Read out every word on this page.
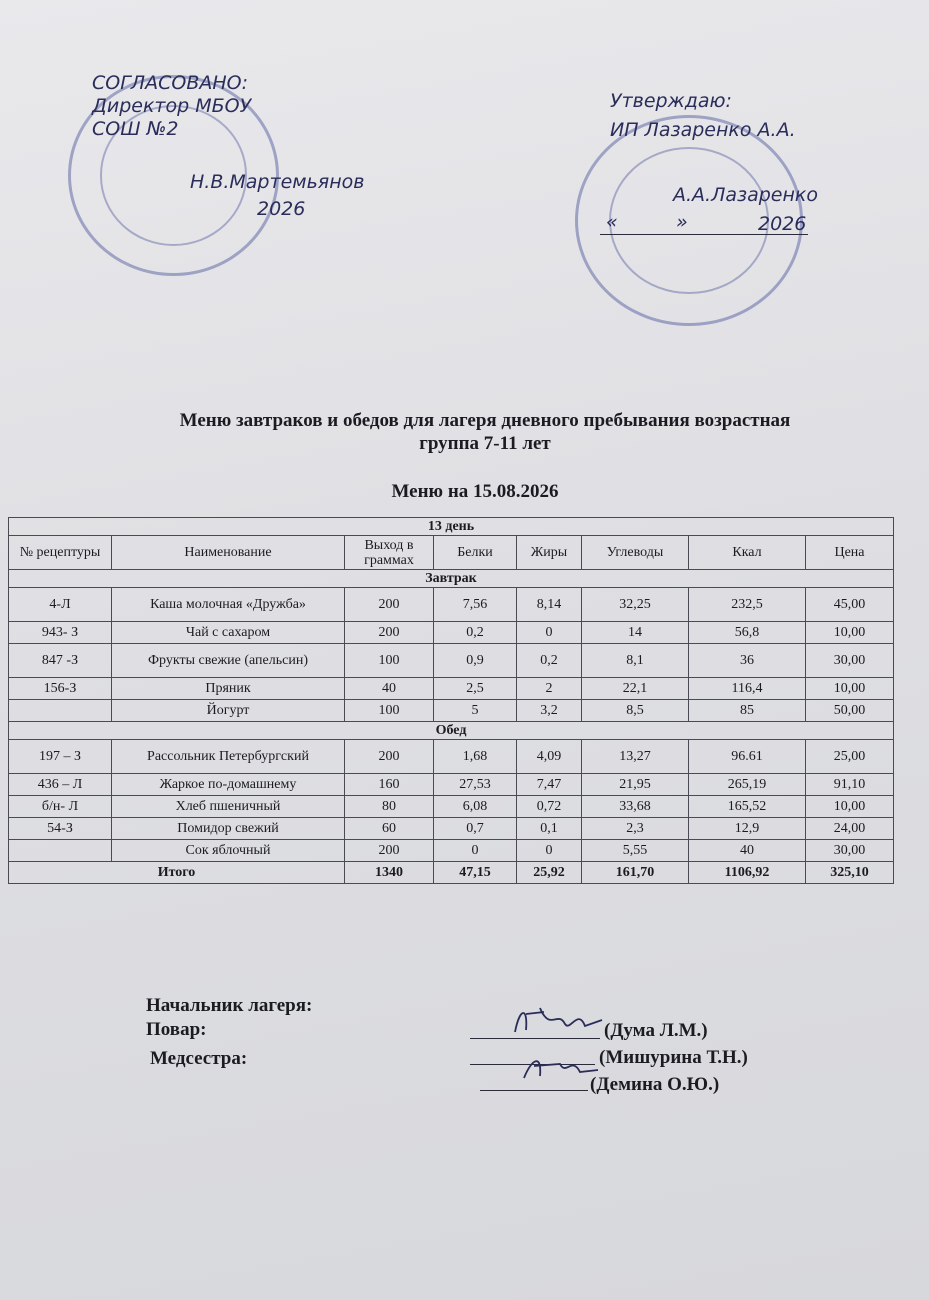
СОГЛАСОВАНО:
Директор МБОУ
СОШ №2
Н.В.Мартемьянов
2026
Утверждаю:
ИП Лазаренко А.А.
А.А.Лазаренко
«	»	2026
Меню завтраков и обедов для лагеря дневного пребывания возрастная
группа 7-11 лет
Меню на 15.08.2026
13 день							
№ рецептуры	Наименование	Выход в граммах	Белки	Жиры	Углеводы	Ккал	Цена
Завтрак							
4-Л	Каша молочная «Дружба»	200	7,56	8,14	32,25	232,5	45,00
943- З	Чай с сахаром	200	0,2	0	14	56,8	10,00
847 -З	Фрукты свежие (апельсин)	100	0,9	0,2	8,1	36	30,00
156-З	Пряник	40	2,5	2	22,1	116,4	10,00
	Йогурт	100	5	3,2	8,5	85	50,00
Обед							
197 – З	Рассольник Петербургский	200	1,68	4,09	13,27	96.61	25,00
436 – Л	Жаркое по-домашнему	160	27,53	7,47	21,95	265,19	91,10
б/н- Л	Хлеб пшеничный	80	6,08	0,72	33,68	165,52	10,00
54-З	Помидор свежий	60	0,7	0,1	2,3	12,9	24,00
	Сок яблочный	200	0	0	5,55	40	30,00
Итого		1340	47,15	25,92	161,70	1106,92	325,10
Начальник лагеря:
Повар:
Медсестра:
(Дума Л.М.)
(Мишурина Т.Н.)
(Демина О.Ю.)
